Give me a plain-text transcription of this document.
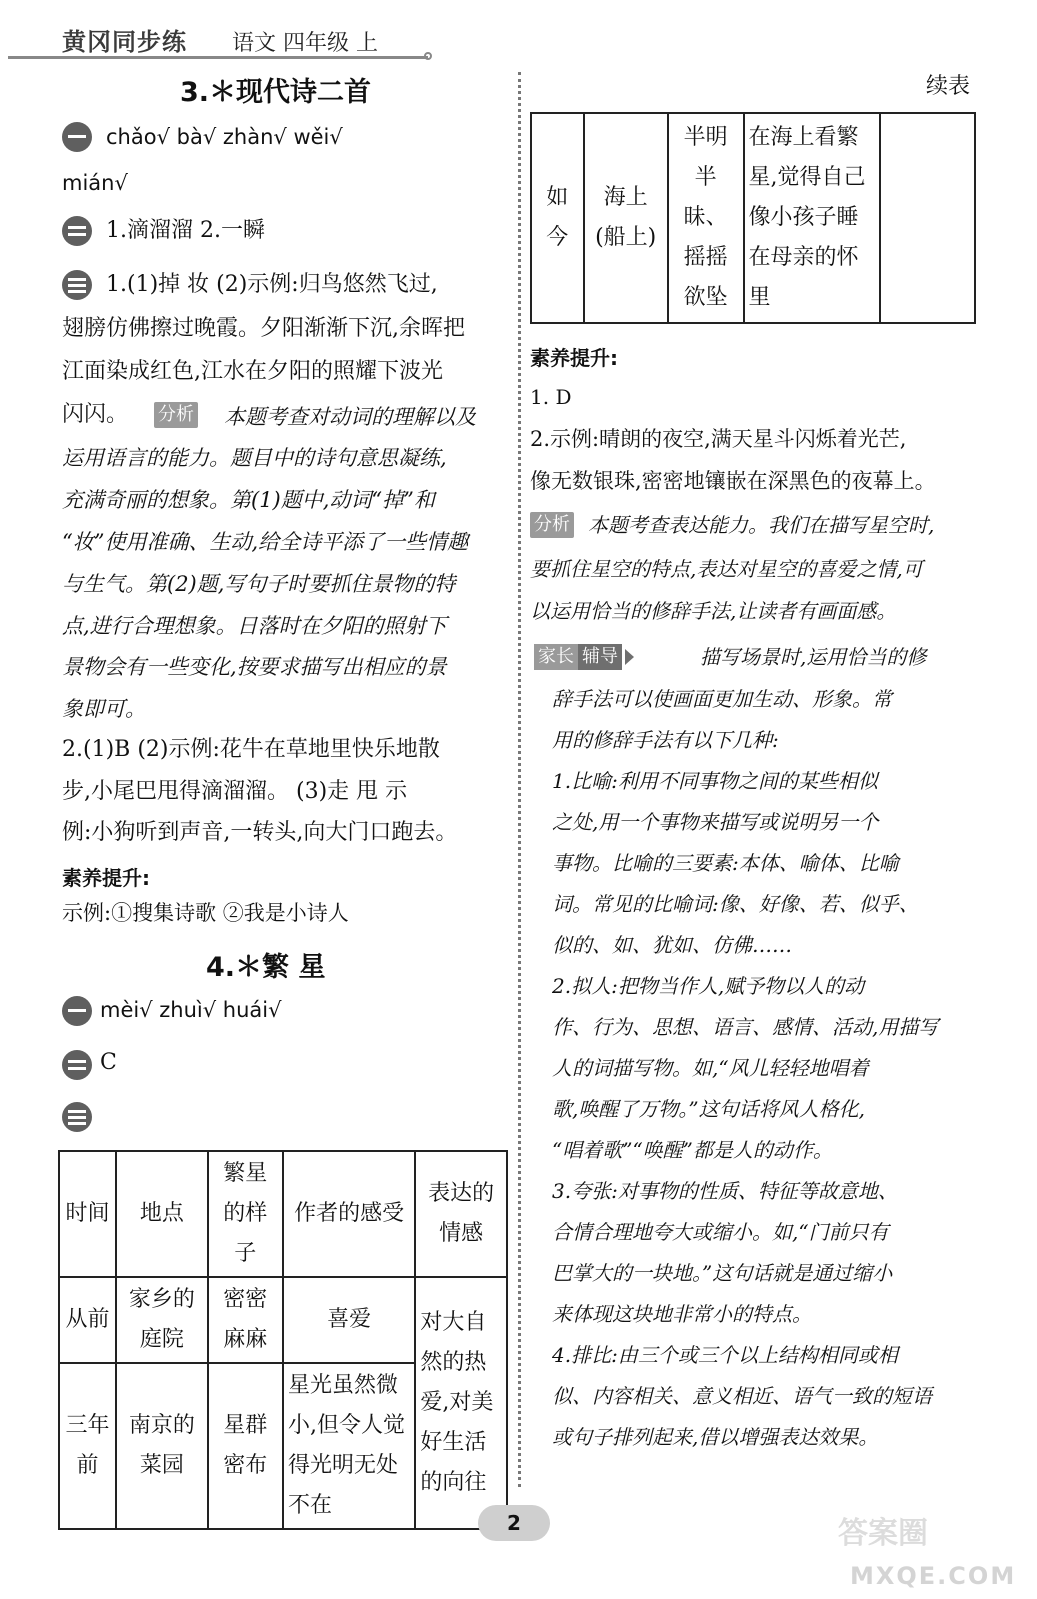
黄冈同步练 语文 四年级 上
3.＊现代诗二首
chǎo√ bà√ zhàn√ wěi√
mián√
1.滴溜溜 2.一瞬
1.(1)掉 妆 (2)示例:归鸟悠然飞过,
翅膀仿佛擦过晚霞。夕阳渐渐下沉,余晖把
江面染成红色,江水在夕阳的照耀下波光
闪闪。 分析 本题考查对动词的理解以及
运用语言的能力。题目中的诗句意思凝练,
充满奇丽的想象。第(1)题中,动词“掉”和
“妆”使用准确、生动,给全诗平添了一些情趣
与生气。第(2)题,写句子时要抓住景物的特
点,进行合理想象。日落时在夕阳的照射下
景物会有一些变化,按要求描写出相应的景
象即可。
2.(1)B (2)示例:花牛在草地里快乐地散
步,小尾巴甩得滴溜溜。 (3)走 甩 示
例:小狗听到声音,一转头,向大门口跑去。
素养提升:
示例:①搜集诗歌 ②我是小诗人
4.＊繁 星
mèi√ zhuì√ huái√
C
时间	地点	繁星的样子	作者的感受	表达的情感
从前	家乡的庭院	密密麻麻	喜爱	对大自然的热爱,对美好生活的向往
三年前	南京的菜园	星群密布	星光虽然微小,但令人觉得光明无处不在	
续表
如今	海上(船上)	半明半昧、摇摇欲坠	在海上看繁星,觉得自己像小孩子睡在母亲的怀里	
素养提升:
1. D
2.示例:晴朗的夜空,满天星斗闪烁着光芒,
像无数银珠,密密地镶嵌在深黑色的夜幕上。
分析 本题考查表达能力。我们在描写星空时,
要抓住星空的特点,表达对星空的喜爱之情,可
以运用恰当的修辞手法,让读者有画面感。
家长 辅导	描写场景时,运用恰当的修
辞手法可以使画面更加生动、形象。常
用的修辞手法有以下几种:
1.比喻:利用不同事物之间的某些相似
之处,用一个事物来描写或说明另一个
事物。比喻的三要素:本体、喻体、比喻
词。常见的比喻词:像、好像、若、似乎、
似的、如、犹如、仿佛……
2.拟人:把物当作人,赋予物以人的动
作、行为、思想、语言、感情、活动,用描写
人的词描写物。如,“风儿轻轻地唱着
歌,唤醒了万物。”这句话将风人格化,
“唱着歌”“唤醒”都是人的动作。
3.夸张:对事物的性质、特征等故意地、
合情合理地夸大或缩小。如,“门前只有
巴掌大的一块地。”这句话就是通过缩小
来体现这块地非常小的特点。
4.排比:由三个或三个以上结构相同或相
似、内容相关、意义相近、语气一致的短语
或句子排列起来,借以增强表达效果。
2	答案圈
MXQE.COM
